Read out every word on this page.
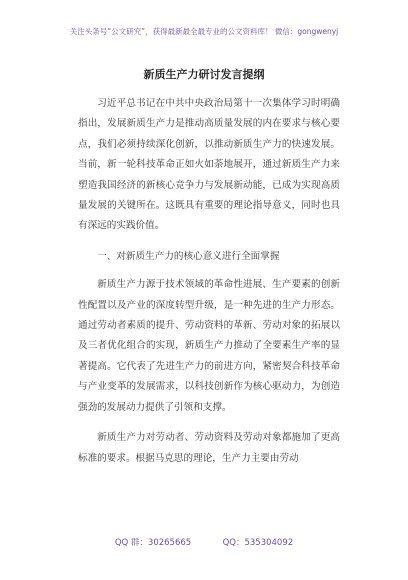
关注头条号“公文研究”，获得最新最全最专业的公文资料库！ 微信：gongwenyj
新质生产力研讨发言提纲

习近平总书记在中共中央政治局第十一次集体学习时明确指出，发展新质生产力是推动高质量发展的内在要求与核心要点，我们必须持续深化创新，以推动新质生产力的快速发展。当前，新一轮科技革命正如火如荼地展开，通过新质生产力来塑造我国经济的新核心竞争力与发展新动能，已成为实现高质量发展的关键所在。这既具有重要的理论指导意义，同时也具有深远的实践价值。

一、对新质生产力的核心意义进行全面掌握

新质生产力源于技术领域的革命性进展、生产要素的创新性配置以及产业的深度转型升级，是一种先进的生产力形态。通过劳动者素质的提升、劳动资料的革新、劳动对象的拓展以及三者优化组合的实现，新质生产力推动了全要素生产率的显著提高。它代表了先进生产力的前进方向，紧密契合科技革命与产业变革的发展需求，以科技创新作为核心驱动力，为创造强劲的发展动力提供了引领和支撑。

新质生产力对劳动者、劳动资料及劳动对象都施加了更高标准的要求。根据马克思的理论，生产力主要由劳动

QQ 群：30265665	QQ：535304092
